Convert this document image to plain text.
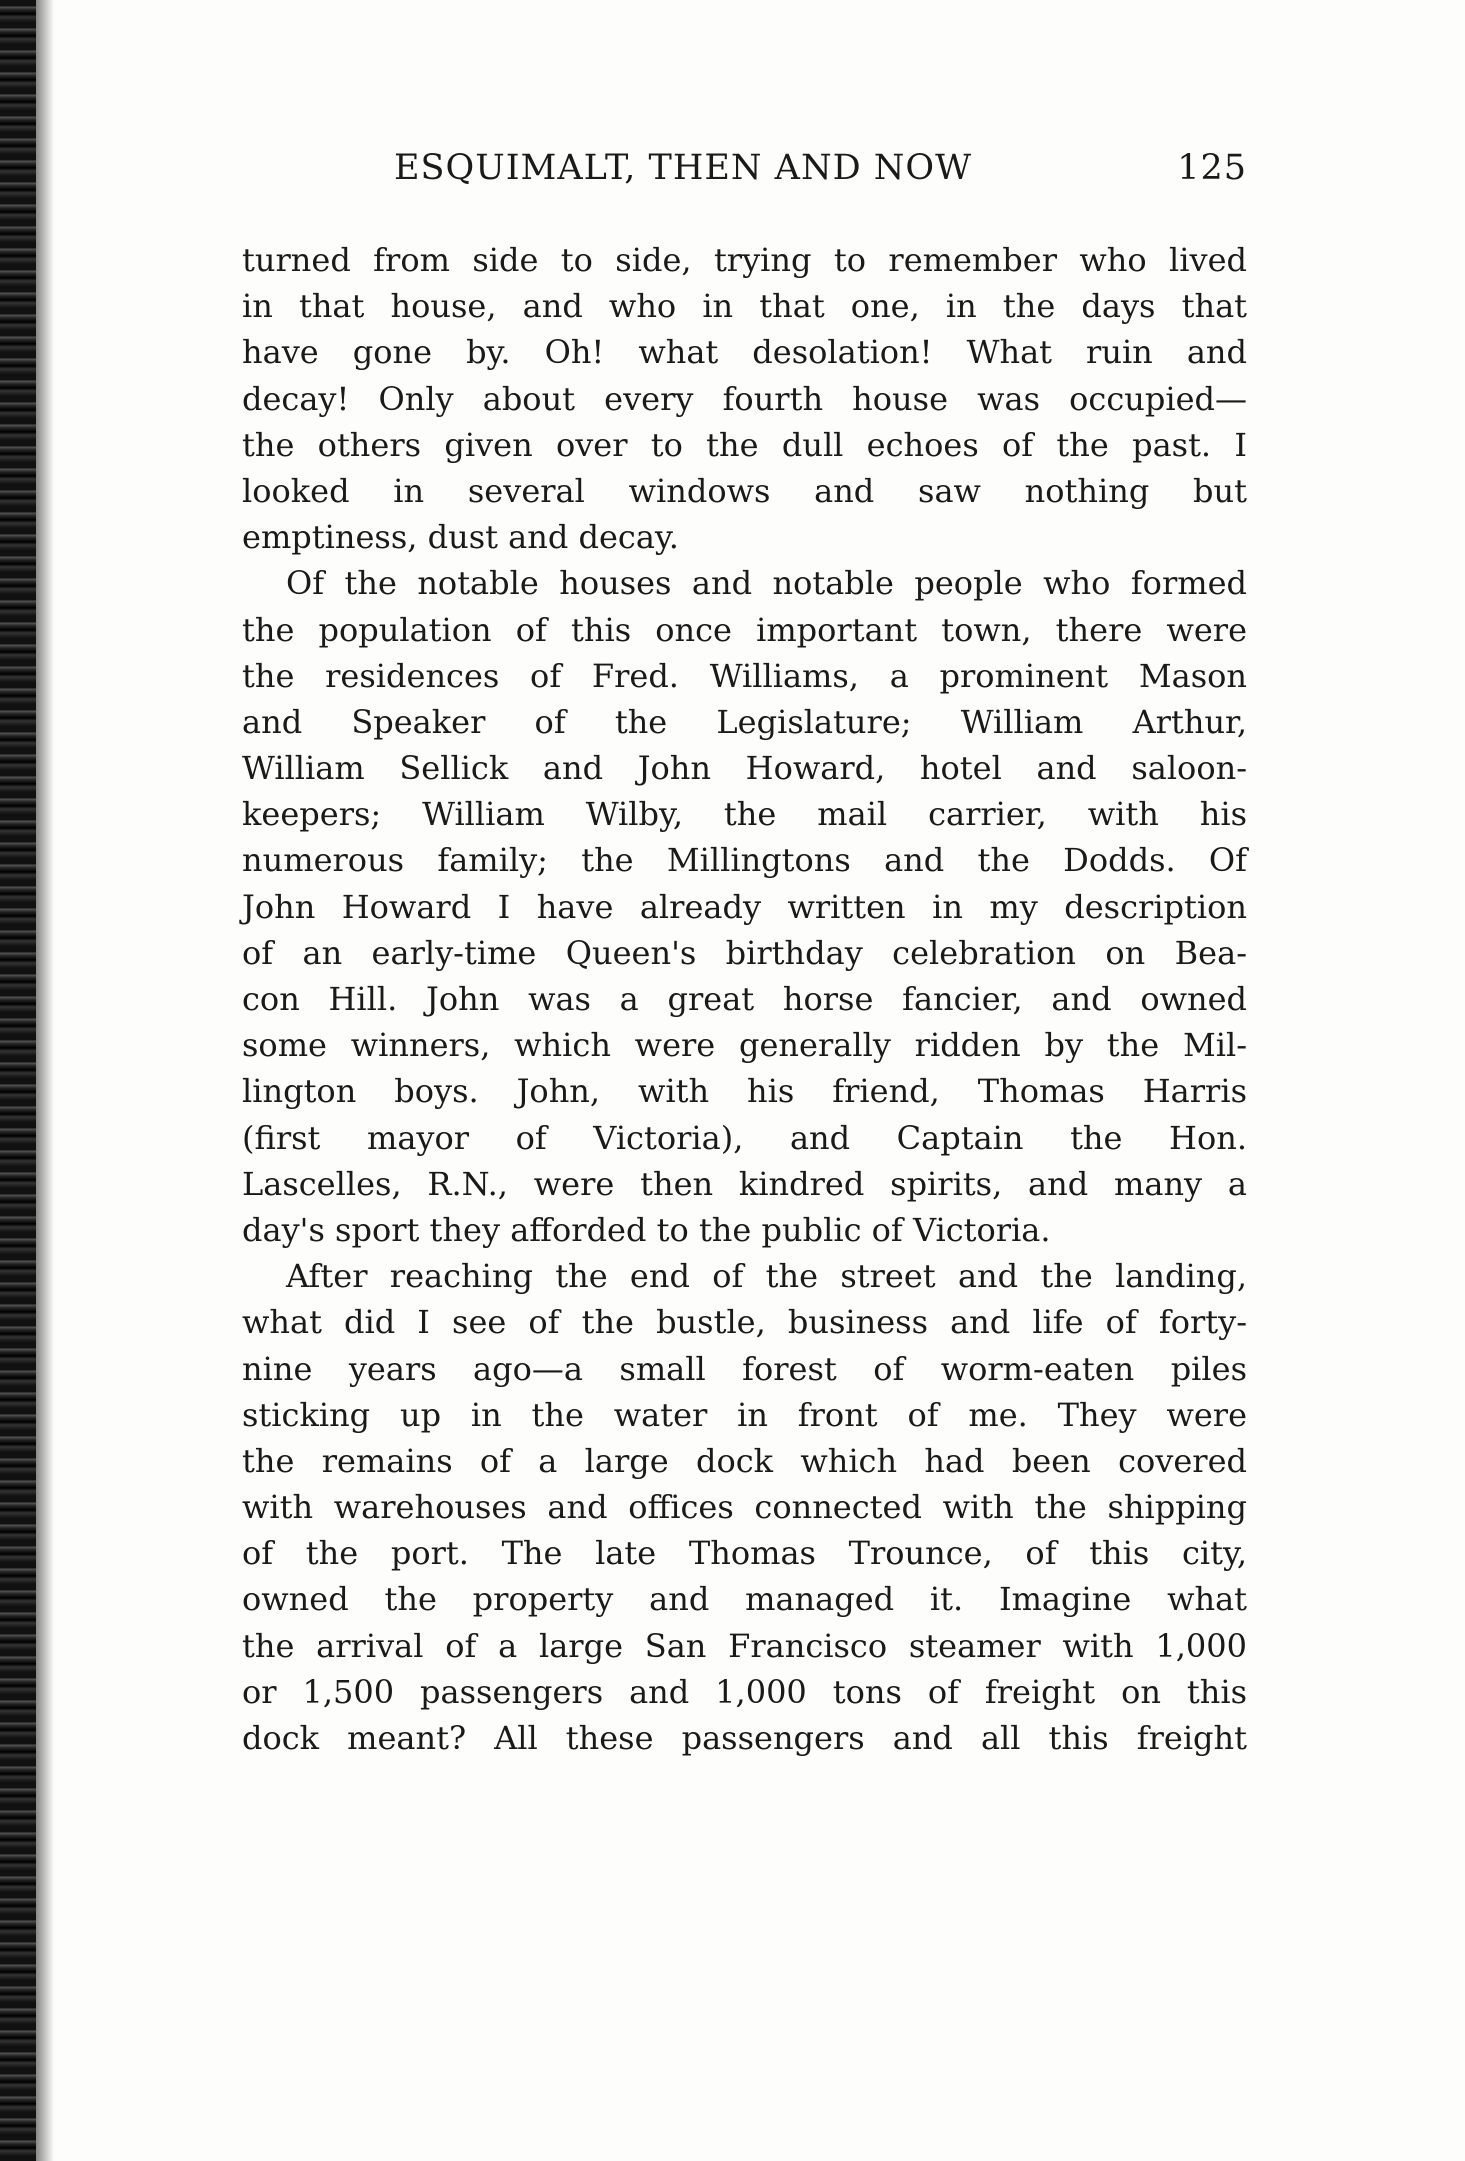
ESQUIMALT, THEN AND NOW	125
turned from side to side, trying to remember who lived
in that house, and who in that one, in the days that
have gone by. Oh! what desolation! What ruin and
decay! Only about every fourth house was occupied—
the others given over to the dull echoes of the past. I
looked in several windows and saw nothing but
emptiness, dust and decay.
Of the notable houses and notable people who formed
the population of this once important town, there were
the residences of Fred. Williams, a prominent Mason
and Speaker of the Legislature; William Arthur,
William Sellick and John Howard, hotel and saloon-
keepers; William Wilby, the mail carrier, with his
numerous family; the Millingtons and the Dodds. Of
John Howard I have already written in my description
of an early-time Queen's birthday celebration on Bea-
con Hill. John was a great horse fancier, and owned
some winners, which were generally ridden by the Mil-
lington boys. John, with his friend, Thomas Harris
(first mayor of Victoria), and Captain the Hon.
Lascelles, R.N., were then kindred spirits, and many a
day's sport they afforded to the public of Victoria.
After reaching the end of the street and the landing,
what did I see of the bustle, business and life of forty-
nine years ago—a small forest of worm-eaten piles
sticking up in the water in front of me. They were
the remains of a large dock which had been covered
with warehouses and offices connected with the shipping
of the port. The late Thomas Trounce, of this city,
owned the property and managed it. Imagine what
the arrival of a large San Francisco steamer with 1,000
or 1,500 passengers and 1,000 tons of freight on this
dock meant? All these passengers and all this freight
